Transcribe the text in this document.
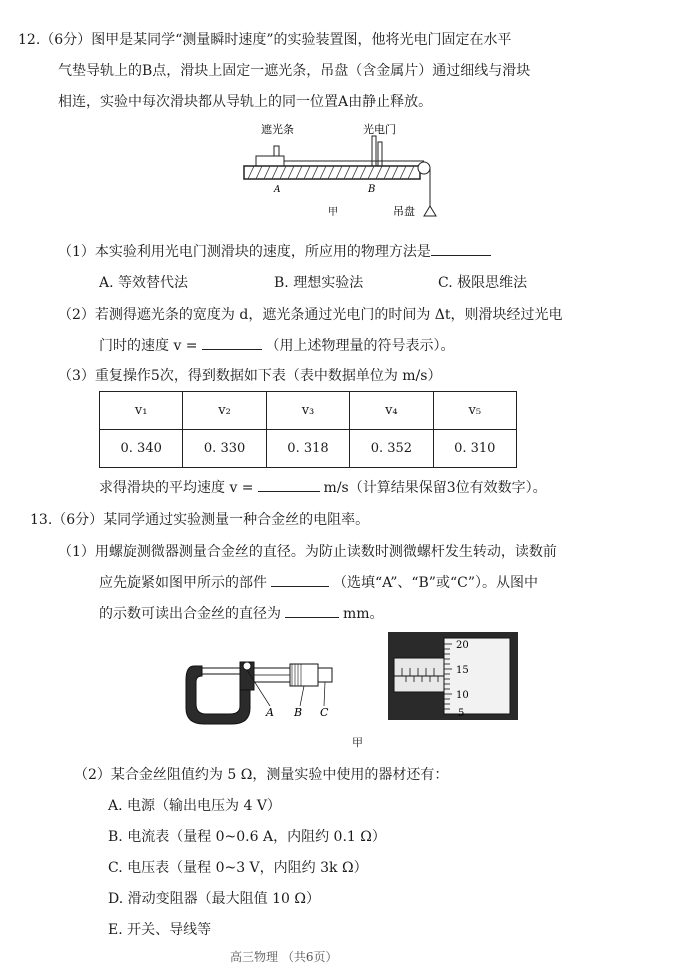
12.（6分）图甲是某同学“测量瞬时速度”的实验装置图，他将光电门固定在水平
气垫导轨上的B点，滑块上固定一遮光条，吊盘（含金属片）通过细线与滑块
相连，实验中每次滑块都从导轨上的同一位置A由静止释放。
遮光条	光电门
A	B
吊盘
甲
（1）本实验利用光电门测滑块的速度，所应用的物理方法是
A. 等效替代法	B. 理想实验法	C. 极限思维法
（2）若测得遮光条的宽度为 d，遮光条通过光电门的时间为 Δt，则滑块经过光电
门时的速度 v =	（用上述物理量的符号表示）。
（3）重复操作5次，得到数据如下表（表中数据单位为 m/s）
v₁	v₂	v₃	v₄	v₅
0. 340	0. 330	0. 318	0. 352	0. 310
求得滑块的平均速度 v =	m/s（计算结果保留3位有效数字）。
13.（6分）某同学通过实验测量一种合金丝的电阻率。
（1）用螺旋测微器测量合金丝的直径。为防止读数时测微螺杆发生转动，读数前
应先旋紧如图甲所示的部件	（选填“A”、“B”或“C”）。从图中
的示数可读出合金丝的直径为	mm。
A B C
20
15
10
5
甲
（2）某合金丝阻值约为 5 Ω，测量实验中使用的器材还有：
A. 电源（输出电压为 4 V）
B. 电流表（量程 0~0.6 A，内阻约 0.1 Ω）
C. 电压表（量程 0~3 V，内阻约 3k Ω）
D. 滑动变阻器（最大阻值 10 Ω）
E. 开关、导线等
高三物理 （共6页）
